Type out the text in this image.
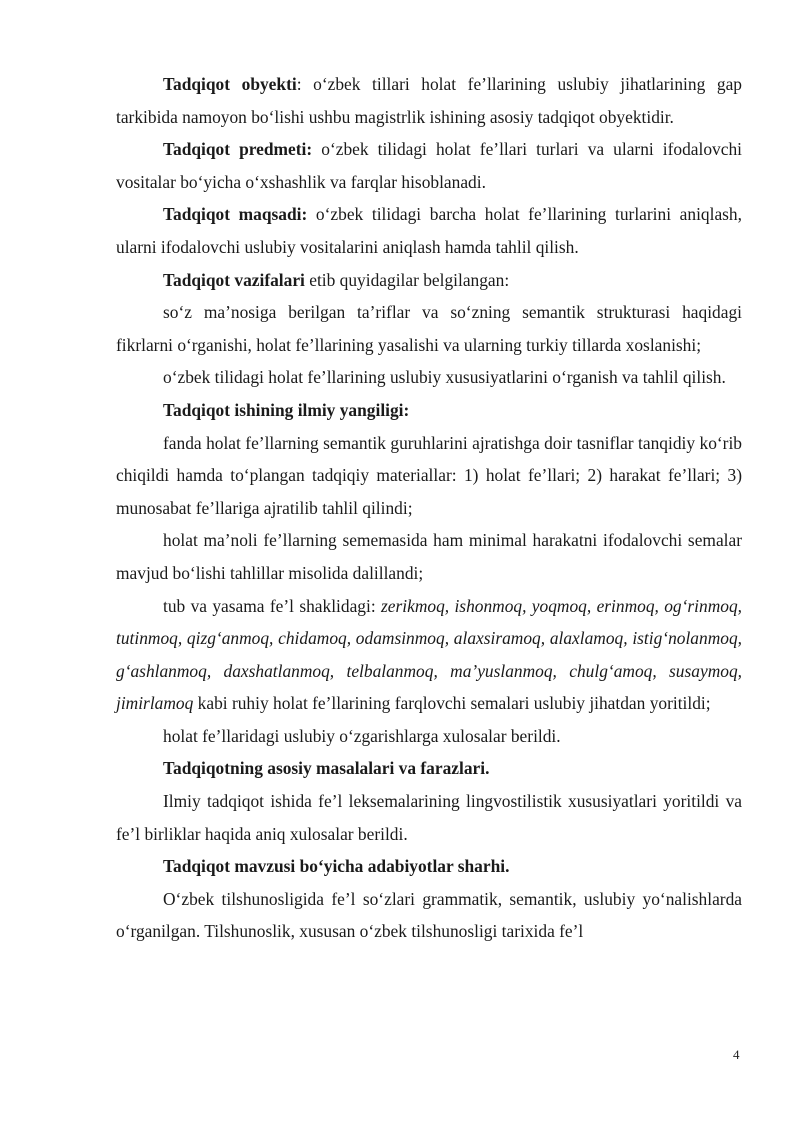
Tadqiqot obyekti: o‘zbek tillari holat fe’llarining uslubiy jihatlarining gap tarkibida namoyon bo‘lishi ushbu magistrlik ishining asosiy tadqiqot obyektidir.

Tadqiqot predmeti: o‘zbek tilidagi holat fe’llari turlari va ularni ifodalovchi vositalar bo‘yicha o‘xshashlik va farqlar hisoblanadi.

Tadqiqot maqsadi: o‘zbek tilidagi barcha holat fe’llarining turlarini aniqlash, ularni ifodalovchi uslubiy vositalarini aniqlash hamda tahlil qilish.

Tadqiqot vazifalari etib quyidagilar belgilangan:

so‘z ma’nosiga berilgan ta’riflar va so‘zning semantik strukturasi haqidagi fikrlarni o‘rganishi, holat fe’llarining yasalishi va ularning turkiy tillarda xoslanishi;

o‘zbek tilidagi holat fe’llarining uslubiy xususiyatlarini o‘rganish va tahlil qilish.

Tadqiqot ishining ilmiy yangiligi:

fanda holat fe’llarning semantik guruhlarini ajratishga doir tasniflar tanqidiy ko‘rib chiqildi hamda to‘plangan tadqiqiy materiallar: 1) holat fe’llari; 2) harakat fe’llari; 3) munosabat fe’llariga ajratilib tahlil qilindi;

holat ma’noli fe’llarning sememasida ham minimal harakatni ifodalovchi semalar mavjud bo‘lishi tahlillar misolida dalillandi;

tub va yasama fe’l shaklidagi: zerikmoq, ishonmoq, yoqmoq, erinmoq, og‘rinmoq, tutinmoq, qizg‘anmoq, chidamoq, odamsinmoq, alaxsiramoq, alaxlamoq, istig‘nolanmoq, g‘ashlanmoq, daxshatlanmoq, telbalanmoq, ma’yuslanmoq, chulg‘amoq, susaymoq, jimirlamoq kabi ruhiy holat fe’llarining farqlovchi semalari uslubiy jihatdan yoritildi;

holat fe’llaridagi uslubiy o‘zgarishlarga xulosalar berildi.

Tadqiqotning asosiy masalalari va farazlari.

Ilmiy tadqiqot ishida fe’l leksemalarining lingvostilistik xususiyatlari yoritildi va fe’l birliklar haqida aniq xulosalar berildi.

Tadqiqot mavzusi bo‘yicha adabiyotlar sharhi.

O‘zbek tilshunosligida fe’l so‘zlari grammatik, semantik, uslubiy yo‘nalishlarda o‘rganilgan. Tilshunoslik, xususan o‘zbek tilshunosligi tarixida fe’l

4
